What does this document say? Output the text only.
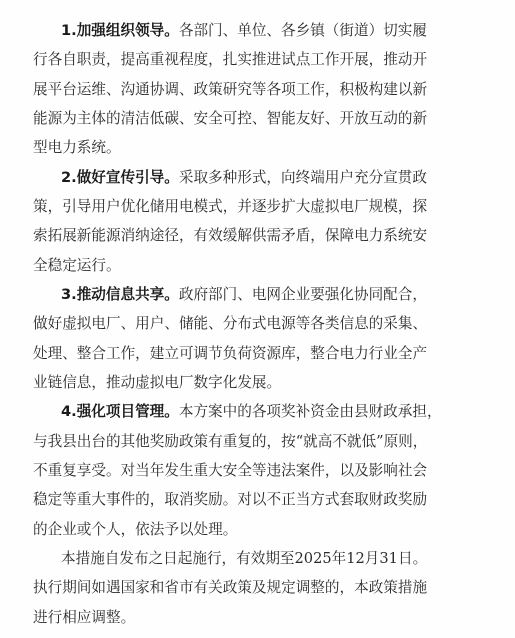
1.加强组织领导。各部门、单位、各乡镇（街道）切实履
行各自职责，提高重视程度，扎实推进试点工作开展，推动开
展平台运维、沟通协调、政策研究等各项工作，积极构建以新
能源为主体的清洁低碳、安全可控、智能友好、开放互动的新
型电力系统。
2.做好宣传引导。采取多种形式，向终端用户充分宣贯政
策，引导用户优化储用电模式，并逐步扩大虚拟电厂规模，探
索拓展新能源消纳途径，有效缓解供需矛盾，保障电力系统安
全稳定运行。
3.推动信息共享。政府部门、电网企业要强化协同配合，
做好虚拟电厂、用户、储能、分布式电源等各类信息的采集、
处理、整合工作，建立可调节负荷资源库，整合电力行业全产
业链信息，推动虚拟电厂数字化发展。
4.强化项目管理。本方案中的各项奖补资金由县财政承担，
与我县出台的其他奖励政策有重复的，按“就高不就低”原则，
不重复享受。对当年发生重大安全等违法案件，以及影响社会
稳定等重大事件的，取消奖励。对以不正当方式套取财政奖励
的企业或个人，依法予以处理。
本措施自发布之日起施行，有效期至2025年12月31日。
执行期间如遇国家和省市有关政策及规定调整的，本政策措施
进行相应调整。
